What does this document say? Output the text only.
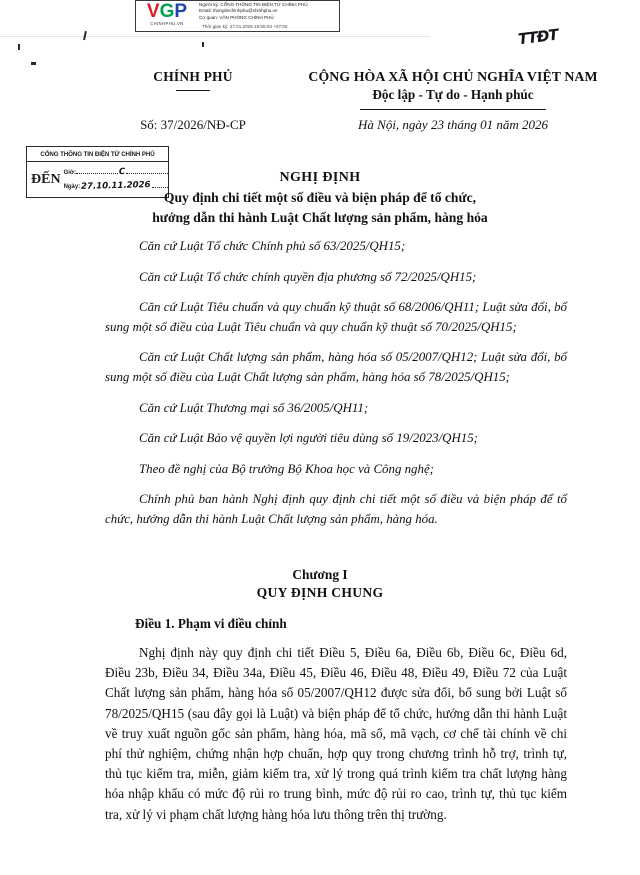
VGP
CHINHPHU.VN
Người ký: CỔNG THÔNG TIN ĐIỆN TỬ CHÍNH PHỦ
Email: thongtinchinhphu@chinhphu.vn
Cơ quan: VĂN PHÒNG CHÍNH PHỦ
Thời gian ký: 27.01.2026 16:55:03 +07:00	TTĐT
CỔNG THÔNG TIN ĐIỆN TỬ CHÍNH PHỦ
ĐẾN Giờ:	C
Ngày: 27.10.11.2026
CHÍNH PHỦ	CỘNG HÒA XÃ HỘI CHỦ NGHĨA VIỆT NAM
Độc lập - Tự do - Hạnh phúc
Số: 37/2026/NĐ-CP	Hà Nội, ngày 23 tháng 01 năm 2026
NGHỊ ĐỊNH
Quy định chi tiết một số điều và biện pháp để tổ chức,
hướng dẫn thi hành Luật Chất lượng sản phẩm, hàng hóa

Căn cứ Luật Tổ chức Chính phủ số 63/2025/QH15;

Căn cứ Luật Tổ chức chính quyền địa phương số 72/2025/QH15;

Căn cứ Luật Tiêu chuẩn và quy chuẩn kỹ thuật số 68/2006/QH11; Luật sửa đổi, bổ sung một số điều của Luật Tiêu chuẩn và quy chuẩn kỹ thuật số 70/2025/QH15;

Căn cứ Luật Chất lượng sản phẩm, hàng hóa số 05/2007/QH12; Luật sửa đổi, bổ sung một số điều của Luật Chất lượng sản phẩm, hàng hóa số 78/2025/QH15;

Căn cứ Luật Thương mại số 36/2005/QH11;

Căn cứ Luật Bảo vệ quyền lợi người tiêu dùng số 19/2023/QH15;

Theo đề nghị của Bộ trưởng Bộ Khoa học và Công nghệ;

Chính phủ ban hành Nghị định quy định chi tiết một số điều và biện pháp để tổ chức, hướng dẫn thi hành Luật Chất lượng sản phẩm, hàng hóa.

Chương I
QUY ĐỊNH CHUNG
Điều 1. Phạm vi điều chỉnh

Nghị định này quy định chi tiết Điều 5, Điều 6a, Điều 6b, Điều 6c, Điều 6d, Điều 23b, Điều 34, Điều 34a, Điều 45, Điều 46, Điều 48, Điều 49, Điều 72 của Luật Chất lượng sản phẩm, hàng hóa số 05/2007/QH12 được sửa đổi, bổ sung bởi Luật số 78/2025/QH15 (sau đây gọi là Luật) và biện pháp để tổ chức, hướng dẫn thi hành Luật về truy xuất nguồn gốc sản phẩm, hàng hóa, mã số, mã vạch, cơ chế tài chính về chi phí thử nghiệm, chứng nhận hợp chuẩn, hợp quy trong chương trình hỗ trợ, trình tự, thủ tục kiểm tra, miễn, giảm kiểm tra, xử lý trong quá trình kiểm tra chất lượng hàng hóa nhập khẩu có mức độ rủi ro trung bình, mức độ rủi ro cao, trình tự, thủ tục kiểm tra, xử lý vi phạm chất lượng hàng hóa lưu thông trên thị trường.
